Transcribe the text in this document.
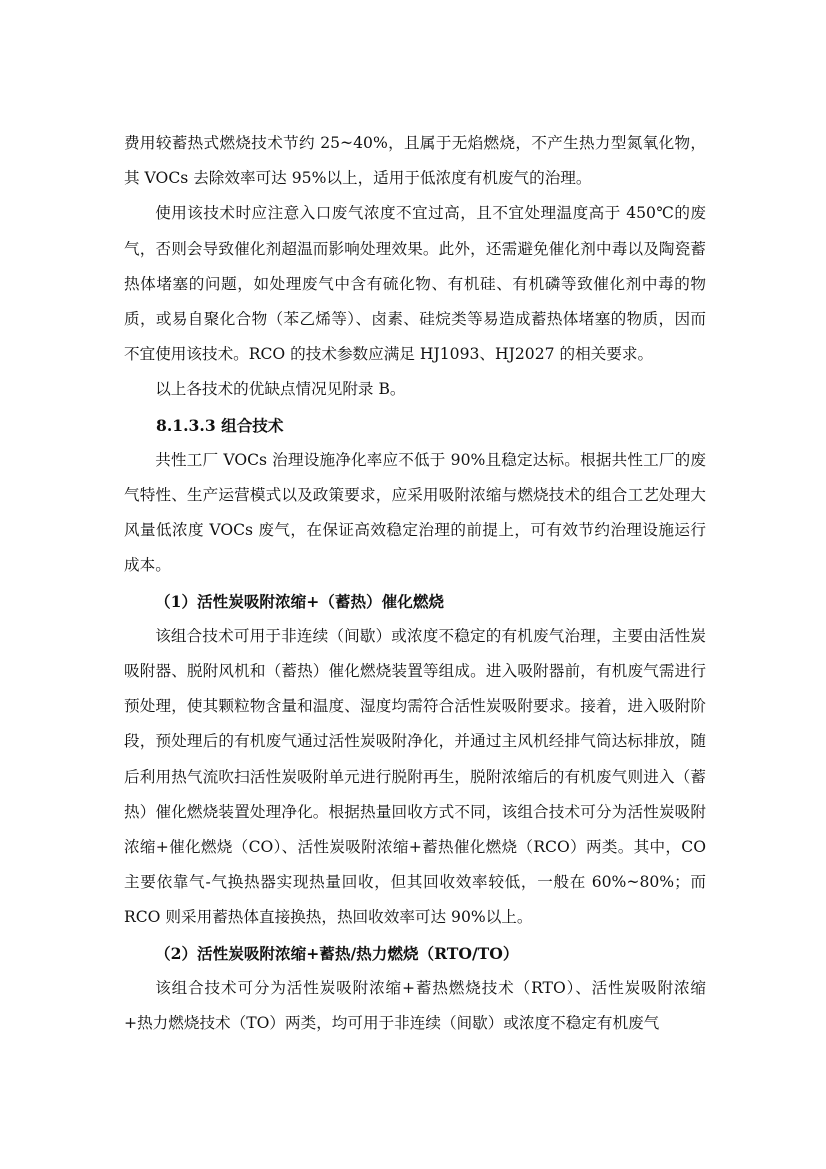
费用较蓄热式燃烧技术节约 25~40%，且属于无焰燃烧，不产生热力型氮氧化物，其 VOCs 去除效率可达 95%以上，适用于低浓度有机废气的治理。

使用该技术时应注意入口废气浓度不宜过高，且不宜处理温度高于 450℃的废气，否则会导致催化剂超温而影响处理效果。此外，还需避免催化剂中毒以及陶瓷蓄热体堵塞的问题，如处理废气中含有硫化物、有机硅、有机磷等致催化剂中毒的物质，或易自聚化合物（苯乙烯等）、卤素、硅烷类等易造成蓄热体堵塞的物质，因而不宜使用该技术。RCO 的技术参数应满足 HJ1093、HJ2027 的相关要求。

以上各技术的优缺点情况见附录 B。

8.1.3.3 组合技术

共性工厂 VOCs 治理设施净化率应不低于 90%且稳定达标。根据共性工厂的废气特性、生产运营模式以及政策要求，应采用吸附浓缩与燃烧技术的组合工艺处理大风量低浓度 VOCs 废气，在保证高效稳定治理的前提上，可有效节约治理设施运行成本。

（1）活性炭吸附浓缩+（蓄热）催化燃烧

该组合技术可用于非连续（间歇）或浓度不稳定的有机废气治理，主要由活性炭吸附器、脱附风机和（蓄热）催化燃烧装置等组成。进入吸附器前，有机废气需进行预处理，使其颗粒物含量和温度、湿度均需符合活性炭吸附要求。接着，进入吸附阶段，预处理后的有机废气通过活性炭吸附净化，并通过主风机经排气筒达标排放，随后利用热气流吹扫活性炭吸附单元进行脱附再生，脱附浓缩后的有机废气则进入（蓄热）催化燃烧装置处理净化。根据热量回收方式不同，该组合技术可分为活性炭吸附浓缩+催化燃烧（CO）、活性炭吸附浓缩+蓄热催化燃烧（RCO）两类。其中，CO 主要依靠气-气换热器实现热量回收，但其回收效率较低，一般在 60%~80%；而 RCO 则采用蓄热体直接换热，热回收效率可达 90%以上。

（2）活性炭吸附浓缩+蓄热/热力燃烧（RTO/TO）

该组合技术可分为活性炭吸附浓缩+蓄热燃烧技术（RTO）、活性炭吸附浓缩+热力燃烧技术（TO）两类，均可用于非连续（间歇）或浓度不稳定有机废气
